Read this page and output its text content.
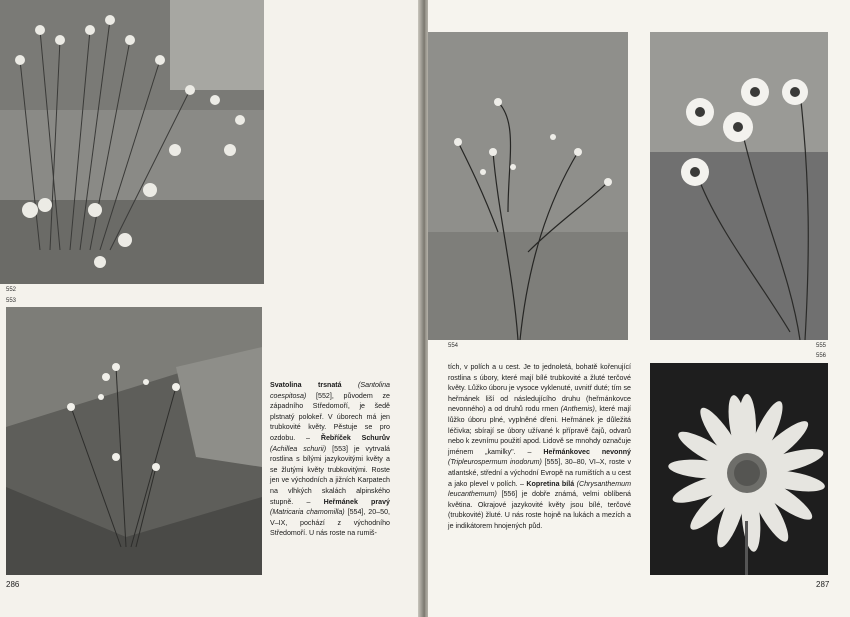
552
553
286
Svatolina trsnatá (Santolina coespitosa) [552], původem ze západního Středomoří, je šedě plstnatý polokeř. V úborech má jen trubkovité květy. Pěstuje se pro ozdobu. – Řebříček Schurův (Achillea schurii) [553] je vytrvalá rostlina s bílými jazykovitými květy a se žlutými květy trubkovitými. Roste jen ve východních a jižních Karpatech na vlhkých skalách alpinského stupně. – Heřmánek pravý (Matricaria chamomilla) [554], 20–50, V–IX, pochází z východního Středomoří. U nás roste na rumiš-
554	555
556
tích, v polích a u cest. Je to jednoletá, bohatě kořenující rostlina s úbory, které mají bílé trubkovité a žluté terčové květy. Lůžko úboru je vysoce vyklenuté, uvnitř duté; tím se heřmánek liší od následujícího druhu (heřmánkovce nevonného) a od druhů rodu rmen (Anthemis), které mají lůžko úboru plné, vyplněné dřeni. Heřmánek je důležitá léčivka; sbírají se úbory užívané k přípravě čajů, odvarů nebo k zevnímu použití apod. Lidově se mnohdy označuje jménem „kamilky". – Heřmánkovec nevonný (Tripleurospermum inodorum) [555], 30–80, VI–X, roste v atlantské, střední a východní Evropě na rumištích a u cest a jako plevel v polích. – Kopretina bílá (Chrysanthemum leucanthemum) [556] je dobře známá, velmi oblíbená květina. Okrajové jazykovité květy jsou bílé, terčové (trubkovité) žluté. U nás roste hojně na lukách a mezích a je indikátorem hnojených půd.
287
